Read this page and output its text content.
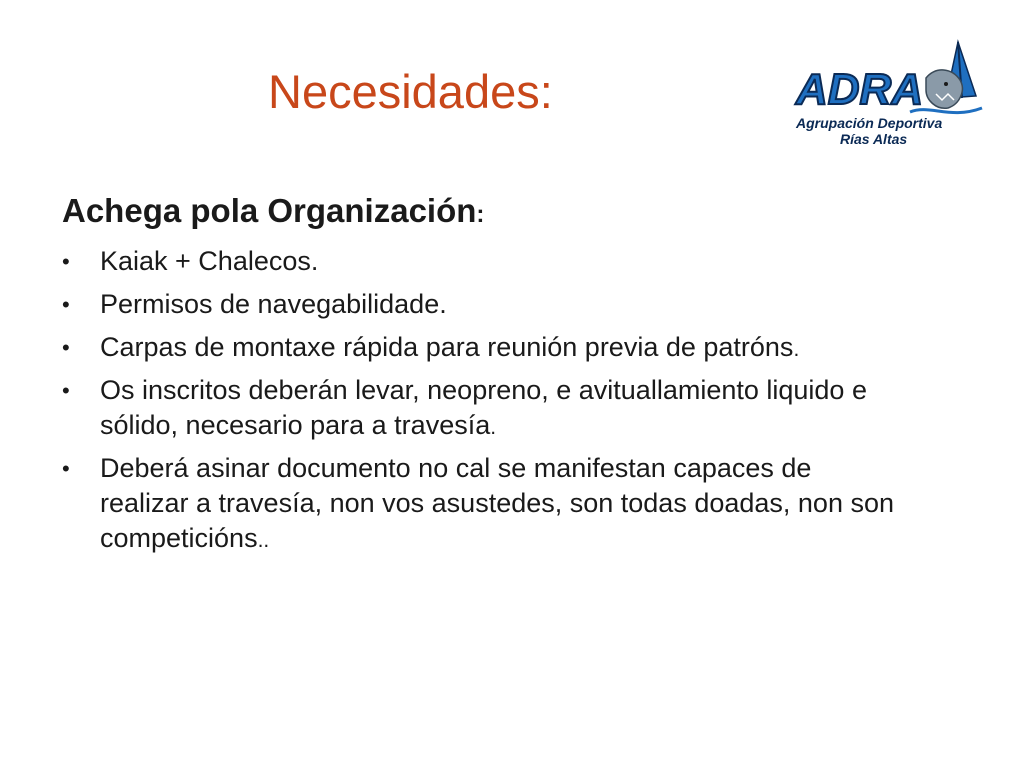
Necesidades:	ADRA
Agrupación Deportiva
Rías Altas
Achega pola Organización:
• Kaiak + Chalecos.
• Permisos de navegabilidade.
• Carpas de montaxe rápida para reunión previa de patróns.
• Os inscritos deberán levar, neopreno, e avituallamiento liquido e sólido, necesario para a travesía.
• Deberá asinar documento no cal se manifestan capaces de realizar a travesía, non vos asustedes, son todas doadas, non son competicións..
